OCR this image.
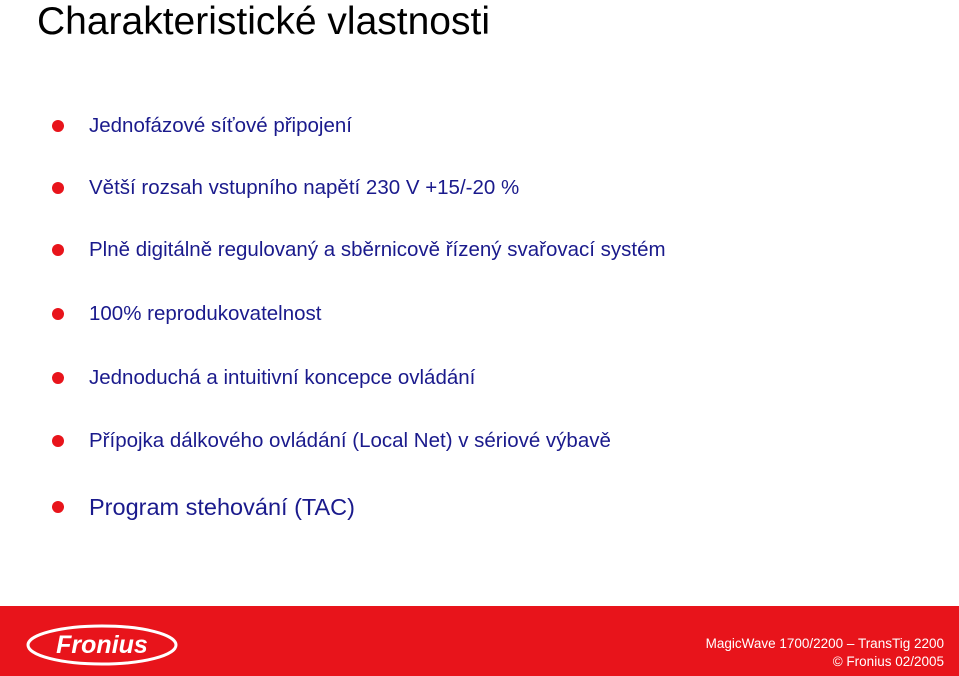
Charakteristické vlastnosti
Jednofázové síťové připojení
Větší rozsah vstupního napětí 230 V +15/-20 %
Plně digitálně regulovaný a sběrnicově řízený svařovací systém
100% reprodukovatelnost
Jednoduchá a intuitivní koncepce ovládání
Přípojka dálkového ovládání (Local Net) v sériové výbavě
Program stehování (TAC)
Fronius	MagicWave 1700/2200 – TransTig 2200
© Fronius 02/2005
